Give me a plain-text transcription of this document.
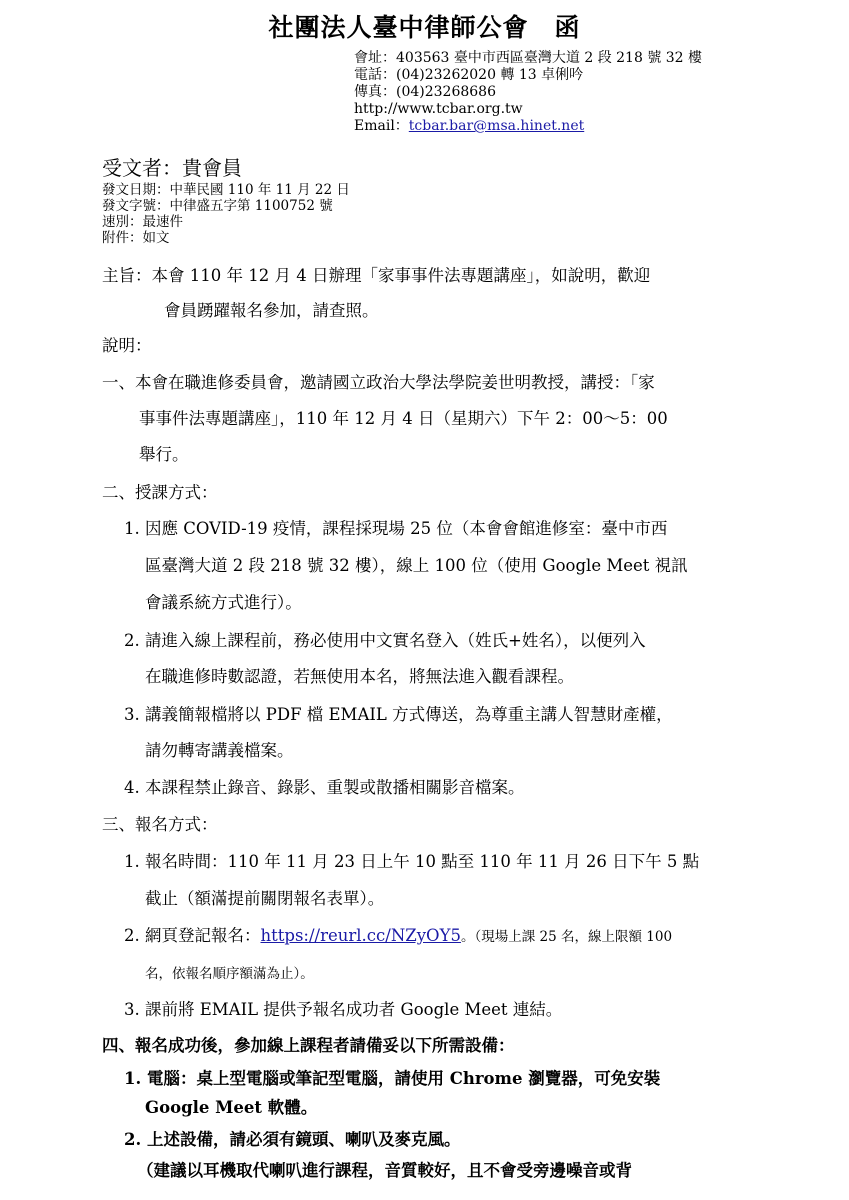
社團法人臺中律師公會 函
會址：403563 臺中市西區臺灣大道 2 段 218 號 32 樓
電話：(04)23262020 轉 13 卓俐吟
傳真：(04)23268686
http://www.tcbar.org.tw
Email：tcbar.bar@msa.hinet.net
受文者：貴會員
發文日期：中華民國 110 年 11 月 22 日
發文字號：中律盛五字第 1100752 號
速別：最速件
附件：如文
主旨：本會 110 年 12 月 4 日辦理「家事事件法專題講座」，如說明，歡迎
會員踴躍報名參加，請查照。
說明：
一、本會在職進修委員會，邀請國立政治大學法學院姜世明教授，講授：「家
事事件法專題講座」，110 年 12 月 4 日（星期六）下午 2：00～5：00
舉行。
二、授課方式：
1. 因應 COVID-19 疫情，課程採現場 25 位（本會會館進修室：臺中市西
區臺灣大道 2 段 218 號 32 樓），線上 100 位（使用 Google Meet 視訊
會議系統方式進行）。
2. 請進入線上課程前，務必使用中文實名登入（姓氏+姓名），以便列入
在職進修時數認證，若無使用本名，將無法進入觀看課程。
3. 講義簡報檔將以 PDF 檔 EMAIL 方式傳送，為尊重主講人智慧財產權，
請勿轉寄講義檔案。
4. 本課程禁止錄音、錄影、重製或散播相關影音檔案。
三、報名方式：
1. 報名時間：110 年 11 月 23 日上午 10 點至 110 年 11 月 26 日下午 5 點
截止（額滿提前關閉報名表單）。
2. 網頁登記報名：https://reurl.cc/NZyOY5。（現場上課 25 名，線上限額 100
名，依報名順序額滿為止）。
3. 課前將 EMAIL 提供予報名成功者 Google Meet 連結。
四、報名成功後，參加線上課程者請備妥以下所需設備：
1. 電腦：桌上型電腦或筆記型電腦，請使用 Chrome 瀏覽器，可免安裝
Google Meet 軟體。
2. 上述設備，請必須有鏡頭、喇叭及麥克風。
（建議以耳機取代喇叭進行課程，音質較好，且不會受旁邊噪音或背
